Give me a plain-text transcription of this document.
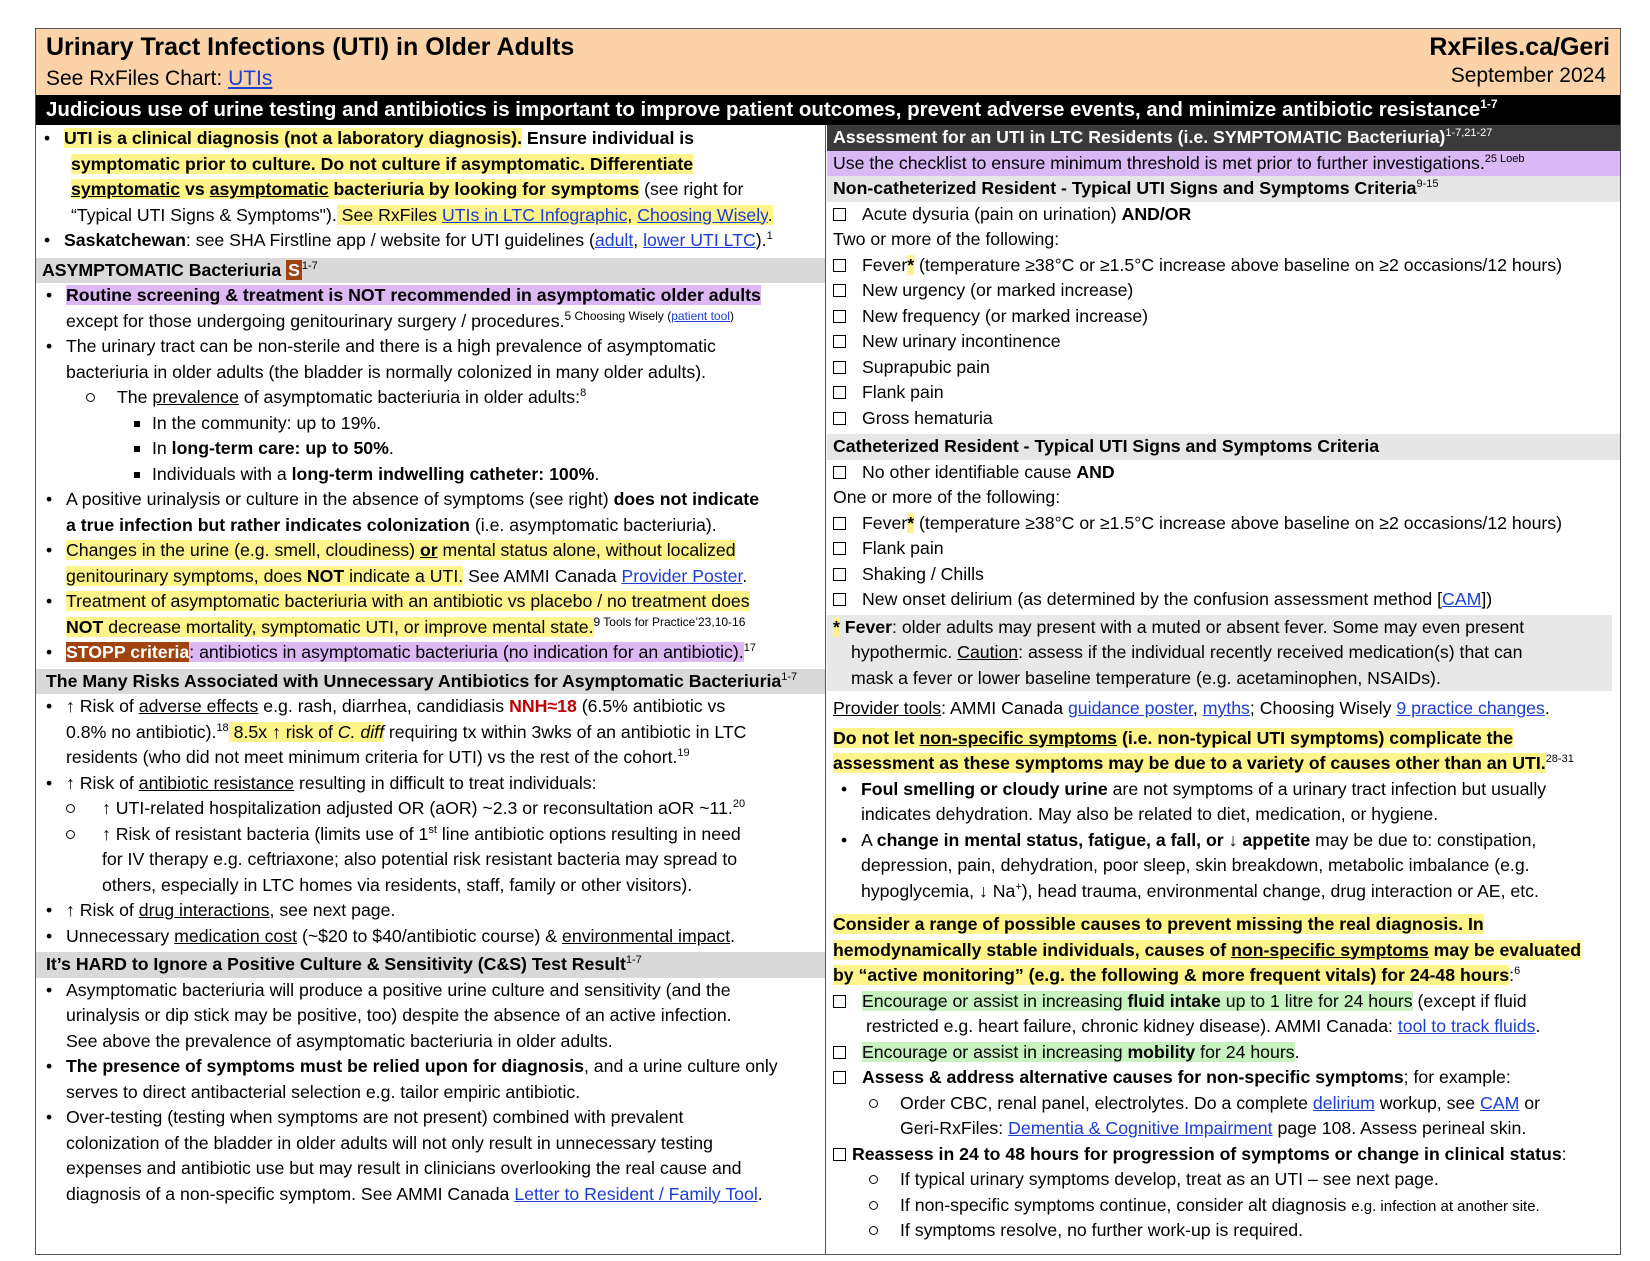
Urinary Tract Infections (UTI) in Older Adults
See RxFiles Chart: UTIs
RxFiles.ca/Geri
September 2024
Judicious use of urine testing and antibiotics is important to improve patient outcomes, prevent adverse events, and minimize antibiotic resistance$^{1-7}$
• UTI is a clinical diagnosis (not a laboratory diagnosis). Ensure individual is
symptomatic prior to culture. Do not culture if asymptomatic. Differentiate
symptomatic vs asymptomatic bacteriuria by looking for symptoms (see right for
“Typical UTI Signs & Symptoms"). See RxFiles UTIs in LTC Infographic, Choosing Wisely.
• Saskatchewan: see SHA Firstline app / website for UTI guidelines (adult, lower UTI LTC).$^1$
ASYMPTOMATIC Bacteriuria S $^{1-7}$
• Routine screening & treatment is NOT recommended in asymptomatic older adults
except for those undergoing genitourinary surgery / procedures.$^{5 Choosing Wisely (patient tool)}$
• The urinary tract can be non-sterile and there is a high prevalence of asymptomatic
bacteriuria in older adults (the bladder is normally colonized in many older adults).
The prevalence of asymptomatic bacteriuria in older adults:$^8$
In the community: up to 19%.
In long-term care: up to 50%.
Individuals with a long-term indwelling catheter: 100%.
• A positive urinalysis or culture in the absence of symptoms (see right) does not indicate
a true infection but rather indicates colonization (i.e. asymptomatic bacteriuria).
• Changes in the urine (e.g. smell, cloudiness) or mental status alone, without localized
genitourinary symptoms, does NOT indicate a UTI. See AMMI Canada Provider Poster.
• Treatment of asymptomatic bacteriuria with an antibiotic vs placebo / no treatment does
NOT decrease mortality, symptomatic UTI, or improve mental state.$^{9 Tools for Practice’23,10-16}$
• STOPP criteria: antibiotics in asymptomatic bacteriuria (no indication for an antibiotic).$^{17}$
The Many Risks Associated with Unnecessary Antibiotics for Asymptomatic Bacteriuria$^{1-7}$
• ↑ Risk of adverse effects e.g. rash, diarrhea, candidiasis NNH≈18 (6.5% antibiotic vs
0.8% no antibiotic).$^{18}$ 8.5x ↑ risk of C. diff requiring tx within 3wks of an antibiotic in LTC
residents (who did not meet minimum criteria for UTI) vs the rest of the cohort.$^{19}$
• ↑ Risk of antibiotic resistance resulting in difficult to treat individuals:
↑ UTI-related hospitalization adjusted OR (aOR) ~2.3 or reconsultation aOR ~11.20
↑ Risk of resistant bacteria (limits use of 1st line antibiotic options resulting in need
for IV therapy e.g. ceftriaxone; also potential risk resistant bacteria may spread to
others, especially in LTC homes via residents, staff, family or other visitors).
• ↑ Risk of drug interactions, see next page.
• Unnecessary medication cost (~$20 to $40/antibiotic course) & environmental impact.
It’s HARD to Ignore a Positive Culture & Sensitivity (C&S) Test Result$^{1-7}$
• Asymptomatic bacteriuria will produce a positive urine culture and sensitivity (and the
urinalysis or dip stick may be positive, too) despite the absence of an active infection.
See above the prevalence of asymptomatic bacteriuria in older adults.
• The presence of symptoms must be relied upon for diagnosis, and a urine culture only
serves to direct antibacterial selection e.g. tailor empiric antibiotic.
• Over-testing (testing when symptoms are not present) combined with prevalent
colonization of the bladder in older adults will not only result in unnecessary testing
expenses and antibiotic use but may result in clinicians overlooking the real cause and
diagnosis of a non-specific symptom. See AMMI Canada Letter to Resident / Family Tool.
Assessment for an UTI in LTC Residents (i.e. SYMPTOMATIC Bacteriuria)$^{1-7,21-27}$
Use the checklist to ensure minimum threshold is met prior to further investigations.$^{25 Loeb}$
Non-catheterized Resident - Typical UTI Signs and Symptoms Criteria$^{9-15}$
Acute dysuria (pain on urination) AND/OR
Two or more of the following:
Fever* (temperature ≥38°C or ≥1.5°C increase above baseline on ≥2 occasions/12 hours)
New urgency (or marked increase)
New frequency (or marked increase)
New urinary incontinence
Suprapubic pain
Flank pain
Gross hematuria
Catheterized Resident - Typical UTI Signs and Symptoms Criteria
No other identifiable cause AND
One or more of the following:
Fever* (temperature ≥38°C or ≥1.5°C increase above baseline on ≥2 occasions/12 hours)
Flank pain
Shaking / Chills
New onset delirium (as determined by the confusion assessment method [CAM])
* Fever: older adults may present with a muted or absent fever. Some may even present
hypothermic. Caution: assess if the individual recently received medication(s) that can
mask a fever or lower baseline temperature (e.g. acetaminophen, NSAIDs).
Provider tools: AMMI Canada guidance poster, myths; Choosing Wisely 9 practice changes.
Do not let non-specific symptoms (i.e. non-typical UTI symptoms) complicate the
assessment as these symptoms may be due to a variety of causes other than an UTI.$^{28-31}$
• Foul smelling or cloudy urine are not symptoms of a urinary tract infection but usually
indicates dehydration. May also be related to diet, medication, or hygiene.
• A change in mental status, fatigue, a fall, or ↓ appetite may be due to: constipation,
depression, pain, dehydration, poor sleep, skin breakdown, metabolic imbalance (e.g.
hypoglycemia, ↓ Na+), head trauma, environmental change, drug interaction or AE, etc.
Consider a range of possible causes to prevent missing the real diagnosis. In
hemodynamically stable individuals, causes of non-specific symptoms may be evaluated
by “active monitoring” (e.g. the following & more frequent vitals) for 24-48 hours:$^6$
Encourage or assist in increasing fluid intake up to 1 litre for 24 hours (except if fluid
restricted e.g. heart failure, chronic kidney disease). AMMI Canada: tool to track fluids.
Encourage or assist in increasing mobility for 24 hours.
Assess & address alternative causes for non-specific symptoms; for example:
Order CBC, renal panel, electrolytes. Do a complete delirium workup, see CAM or
Geri-RxFiles: Dementia & Cognitive Impairment page 108. Assess perineal skin.
Reassess in 24 to 48 hours for progression of symptoms or change in clinical status:
If typical urinary symptoms develop, treat as an UTI – see next page.
If non-specific symptoms continue, consider alt diagnosis e.g. infection at another site.
If symptoms resolve, no further work-up is required.
